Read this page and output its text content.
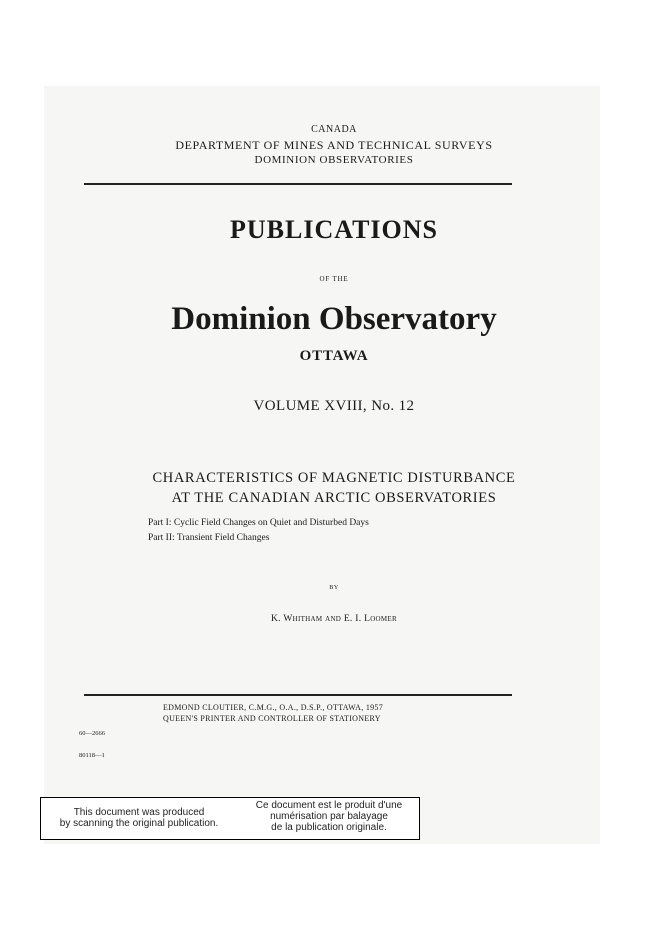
CANADA
DEPARTMENT OF MINES AND TECHNICAL SURVEYS
DOMINION OBSERVATORIES
PUBLICATIONS
OF THE
Dominion Observatory
OTTAWA
VOLUME XVIII, No. 12
CHARACTERISTICS OF MAGNETIC DISTURBANCE
AT THE CANADIAN ARCTIC OBSERVATORIES
Part I: Cyclic Field Changes on Quiet and Disturbed Days
Part II: Transient Field Changes
BY
K. Whitham and E. I. Loomer
EDMOND CLOUTIER, C.M.G., O.A., D.S.P., OTTAWA, 1957
QUEEN'S PRINTER AND CONTROLLER OF STATIONERY
60—2666
80118—1
This document was produced
by scanning the original publication.
Ce document est le produit d'une
numérisation par balayage
de la publication originale.
